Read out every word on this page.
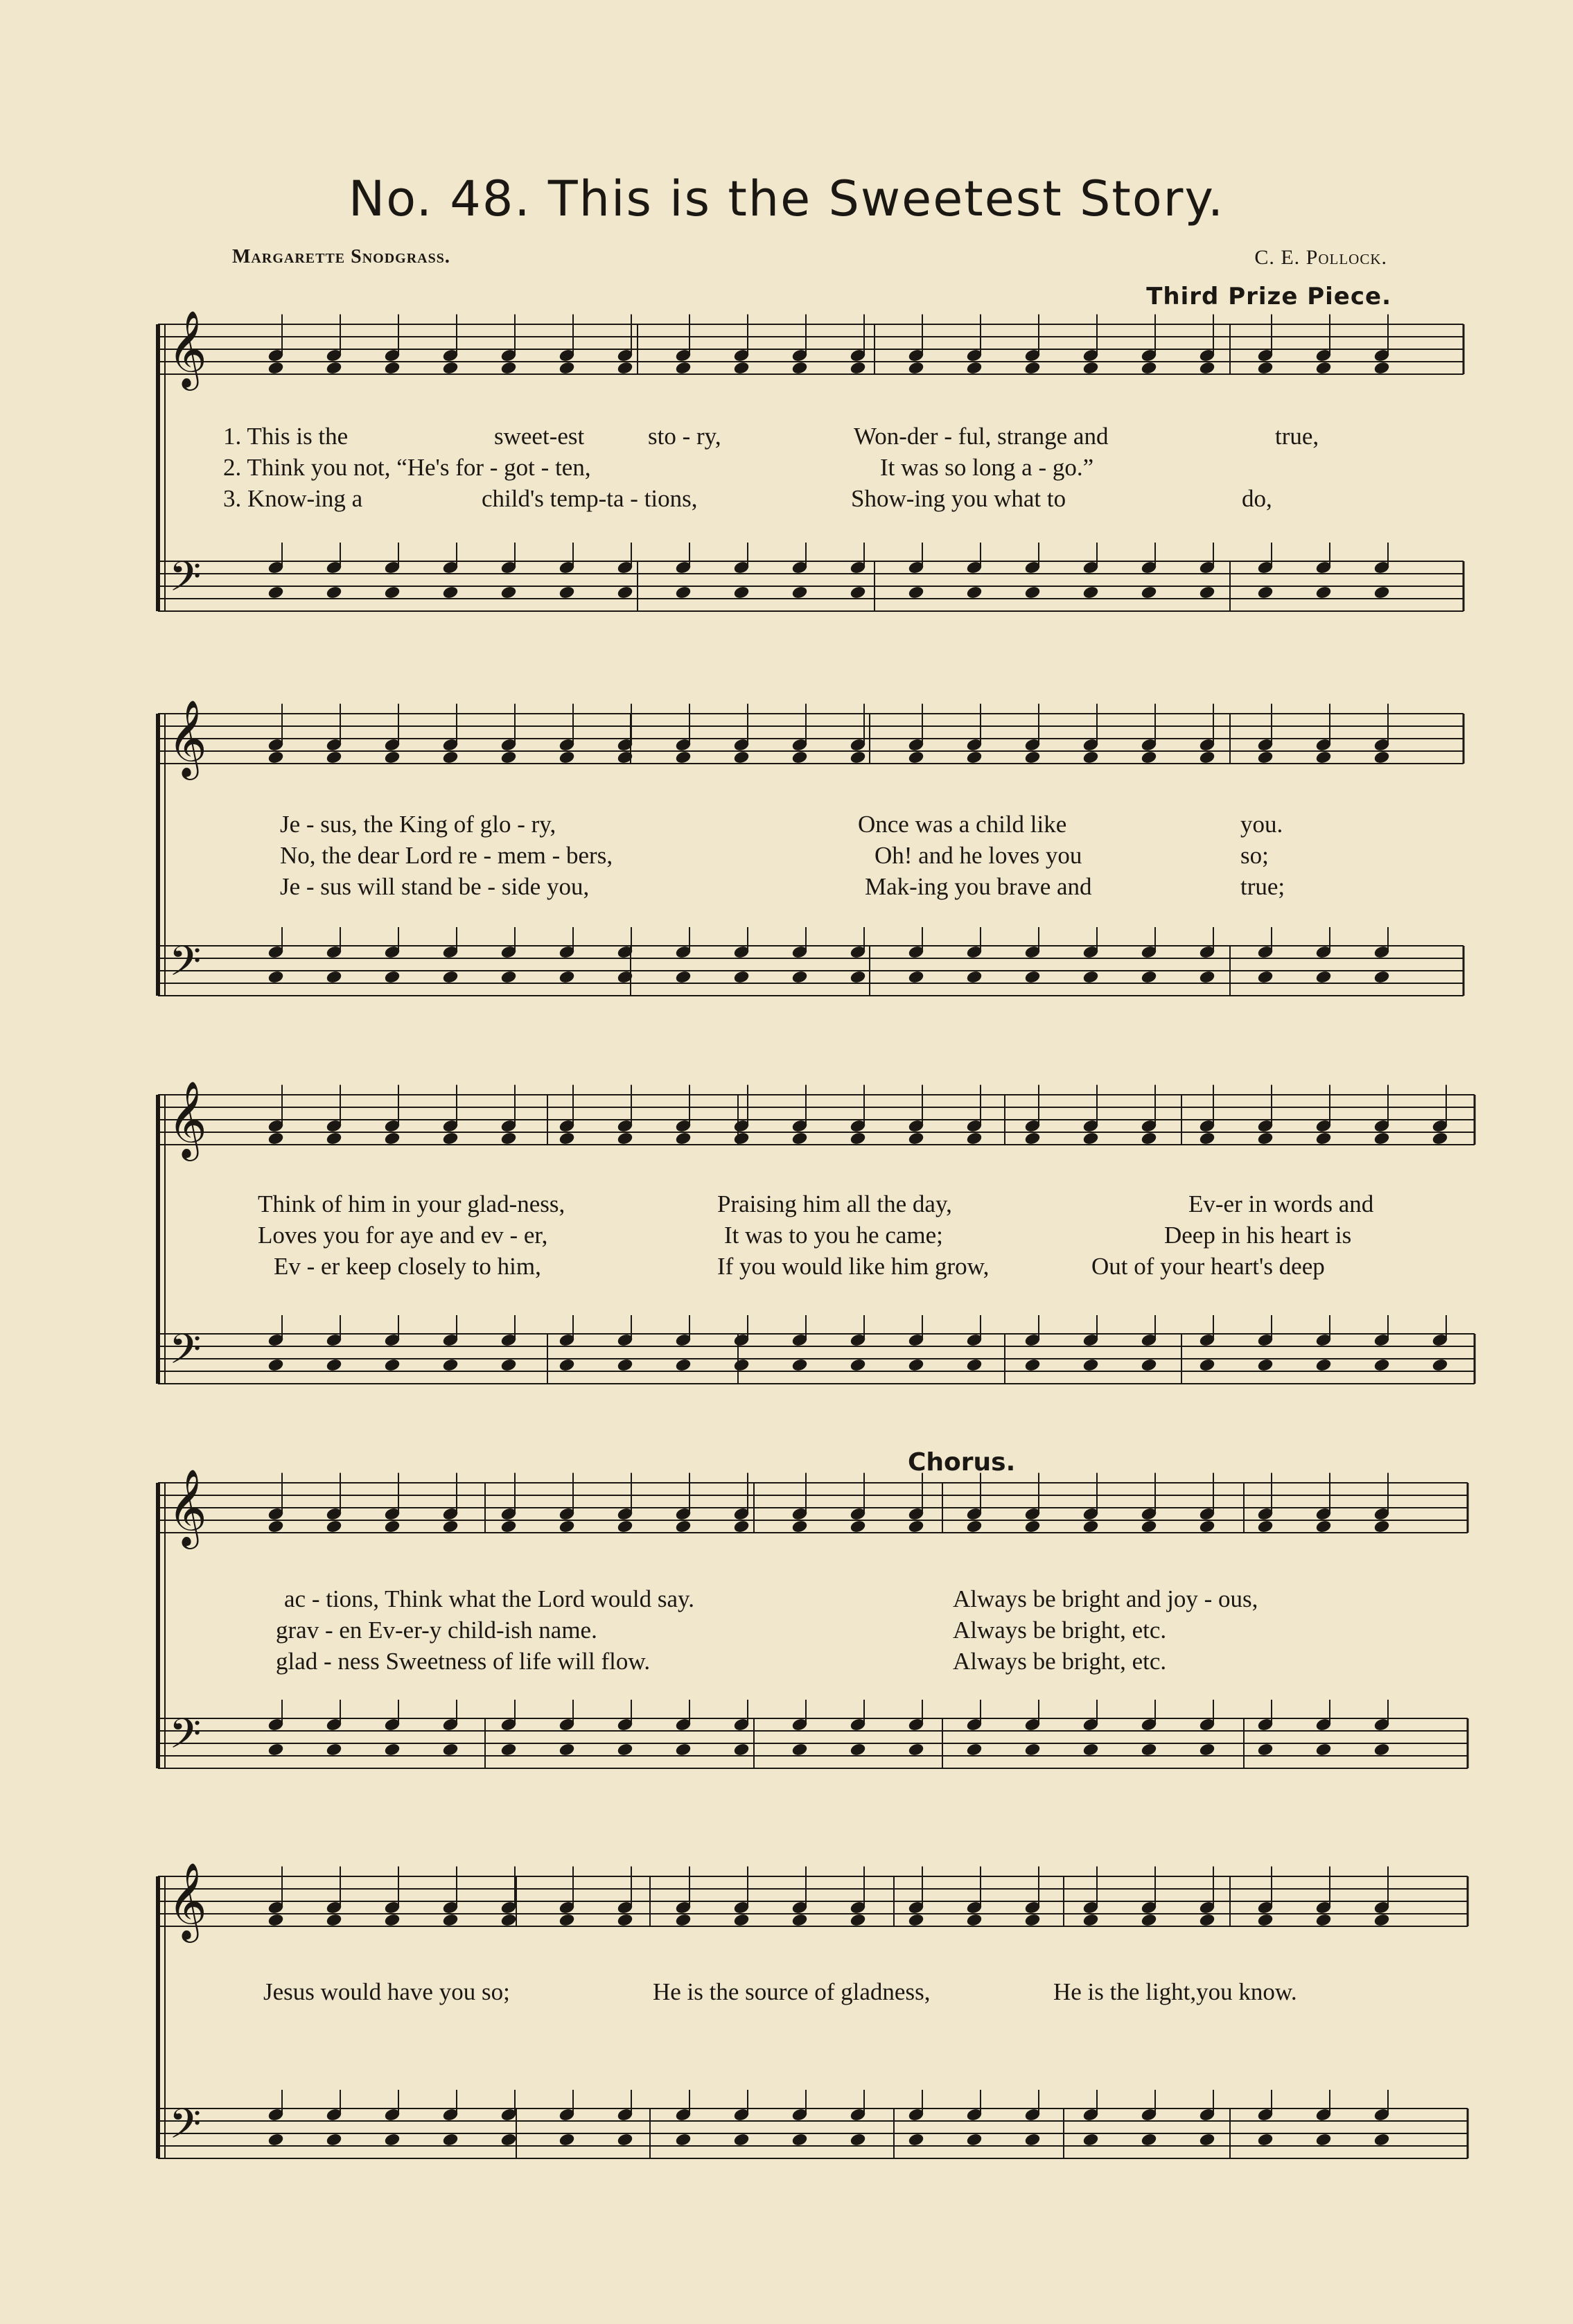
No. 48. This is the Sweetest Story.
Margarette Snodgrass.	C. E. Pollock.
Third Prize Piece.
Chorus.
𝄞
𝄢
𝄞
𝄢
𝄞
𝄢
𝄞
𝄢
𝄞
𝄢
1. This is the	sweet-est	sto - ry,	Won-der - ful, strange and	true,
2. Think you not, “He's for - got - ten,	It was so long a - go.”
3. Know-ing a	child's temp-ta - tions,	Show-ing you what to	do,
Je - sus, the King of glo - ry,	Once was a child like	you.
No, the dear Lord re - mem - bers,	Oh! and he loves you	so;
Je - sus will stand be - side you,	Mak-ing you brave and	true;
Think of him in your glad-ness,	Praising him all the day,	Ev-er in words and
Loves you for aye and ev - er,	It was to you he came;	Deep in his heart is
Ev - er keep closely to him,	If you would like him grow,	Out of your heart's deep
ac - tions, Think what the Lord would say.	Always be bright and joy - ous,
grav - en Ev-er-y child-ish name.	Always be bright, etc.
glad - ness Sweetness of life will flow.	Always be bright, etc.
Jesus would have you so;	He is the source of gladness,	He is the light,you know.
